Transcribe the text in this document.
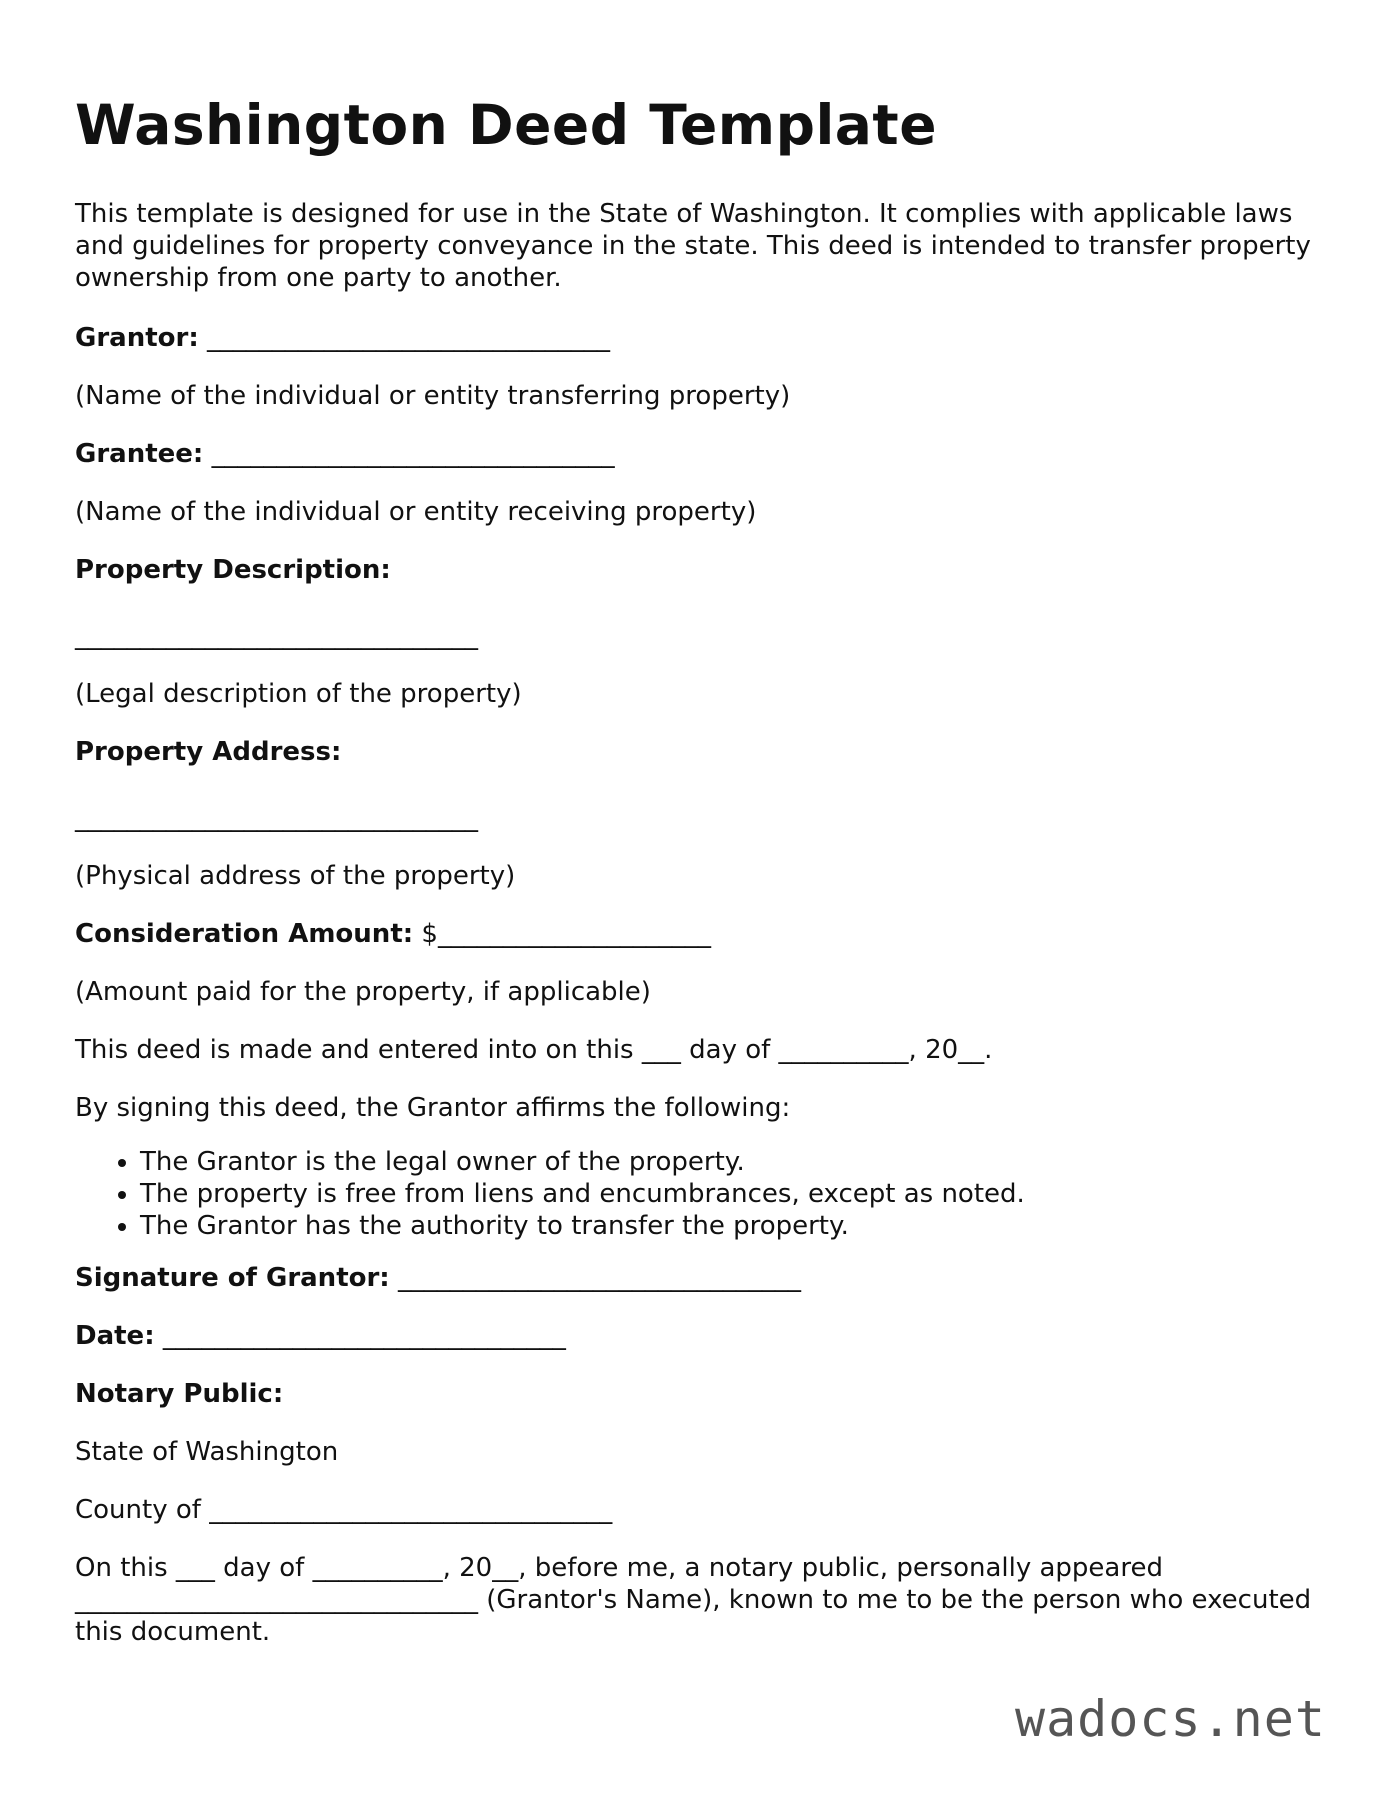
Washington Deed Template

This template is designed for use in the State of Washington. It complies with applicable laws and guidelines for property conveyance in the state. This deed is intended to transfer property ownership from one party to another.

Grantor: _______________________________

(Name of the individual or entity transferring property)

Grantee: _______________________________

(Name of the individual or entity receiving property)

Property Description:

_______________________________

(Legal description of the property)

Property Address:

_______________________________

(Physical address of the property)

Consideration Amount: $_____________________

(Amount paid for the property, if applicable)

This deed is made and entered into on this ___ day of __________, 20__.

By signing this deed, the Grantor affirms the following:

• The Grantor is the legal owner of the property.
• The property is free from liens and encumbrances, except as noted.
• The Grantor has the authority to transfer the property.

Signature of Grantor: _______________________________

Date: _______________________________

Notary Public:

State of Washington

County of _______________________________

On this ___ day of __________, 20__, before me, a notary public, personally appeared _______________________________ (Grantor's Name), known to me to be the person who executed this document.

wadocs.net
